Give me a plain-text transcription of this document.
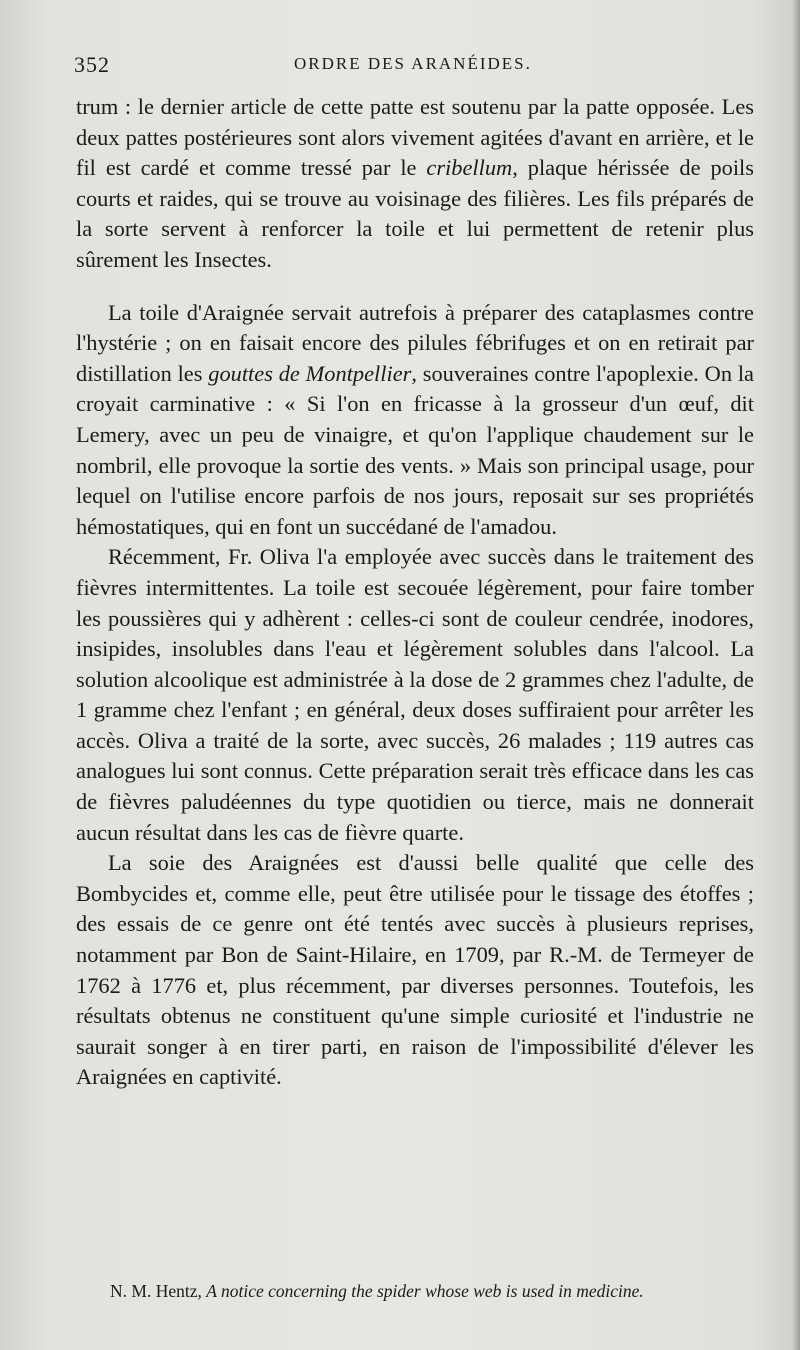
352	ORDRE DES ARANÉIDES.

trum : le dernier article de cette patte est soutenu par la patte opposée. Les deux pattes postérieures sont alors vivement agitées d'avant en arrière, et le fil est cardé et comme tressé par le cribellum, plaque hérissée de poils courts et raides, qui se trouve au voisinage des filières. Les fils préparés de la sorte servent à renforcer la toile et lui permettent de retenir plus sûrement les Insectes.

La toile d'Araignée servait autrefois à préparer des cataplasmes contre l'hystérie ; on en faisait encore des pilules fébrifuges et on en retirait par distillation les gouttes de Montpellier, souveraines contre l'apoplexie. On la croyait carminative : « Si l'on en fricasse à la grosseur d'un œuf, dit Lemery, avec un peu de vinaigre, et qu'on l'applique chaudement sur le nombril, elle provoque la sortie des vents. » Mais son principal usage, pour lequel on l'utilise encore parfois de nos jours, reposait sur ses propriétés hémostatiques, qui en font un succédané de l'amadou.

Récemment, Fr. Oliva l'a employée avec succès dans le traitement des fièvres intermittentes. La toile est secouée légèrement, pour faire tomber les poussières qui y adhèrent : celles-ci sont de couleur cendrée, inodores, insipides, insolubles dans l'eau et légèrement solubles dans l'alcool. La solution alcoolique est administrée à la dose de 2 grammes chez l'adulte, de 1 gramme chez l'enfant ; en général, deux doses suffiraient pour arrêter les accès. Oliva a traité de la sorte, avec succès, 26 malades ; 119 autres cas analogues lui sont connus. Cette préparation serait très efficace dans les cas de fièvres paludéennes du type quotidien ou tierce, mais ne donnerait aucun résultat dans les cas de fièvre quarte.

La soie des Araignées est d'aussi belle qualité que celle des Bombycides et, comme elle, peut être utilisée pour le tissage des étoffes ; des essais de ce genre ont été tentés avec succès à plusieurs reprises, notamment par Bon de Saint-Hilaire, en 1709, par R.-M. de Termeyer de 1762 à 1776 et, plus récemment, par diverses personnes. Toutefois, les résultats obtenus ne constituent qu'une simple curiosité et l'industrie ne saurait songer à en tirer parti, en raison de l'impossibilité d'élever les Araignées en captivité.

N. M. Hentz, A notice concerning the spider whose web is used in medicine.
